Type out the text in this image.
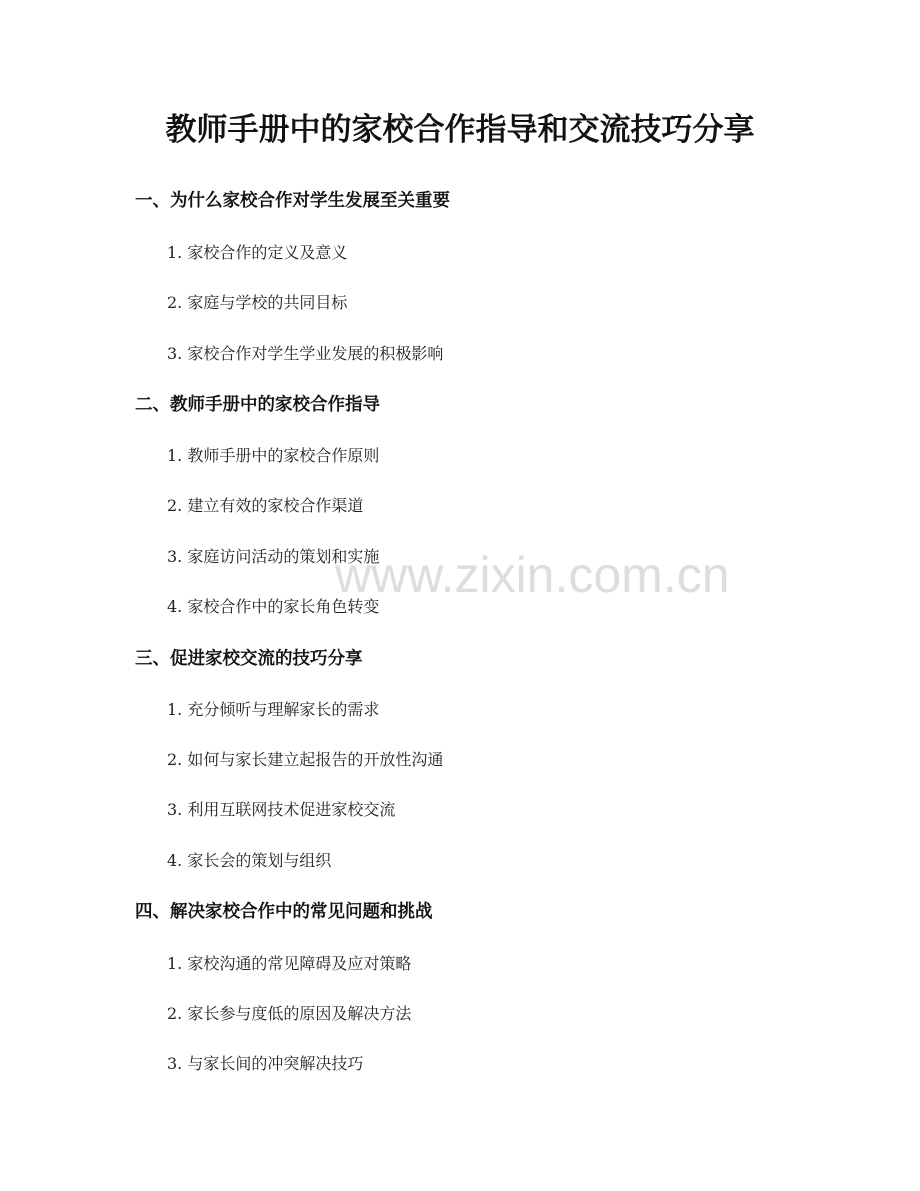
教师手册中的家校合作指导和交流技巧分享
一、为什么家校合作对学生发展至关重要
1. 家校合作的定义及意义
2. 家庭与学校的共同目标
3. 家校合作对学生学业发展的积极影响
二、教师手册中的家校合作指导
1. 教师手册中的家校合作原则
2. 建立有效的家校合作渠道
3. 家庭访问活动的策划和实施
4. 家校合作中的家长角色转变
三、促进家校交流的技巧分享
1. 充分倾听与理解家长的需求
2. 如何与家长建立起报告的开放性沟通
3. 利用互联网技术促进家校交流
4. 家长会的策划与组织
四、解决家校合作中的常见问题和挑战
1. 家校沟通的常见障碍及应对策略
2. 家长参与度低的原因及解决方法
3. 与家长间的冲突解决技巧
www.zixin.com.cn
